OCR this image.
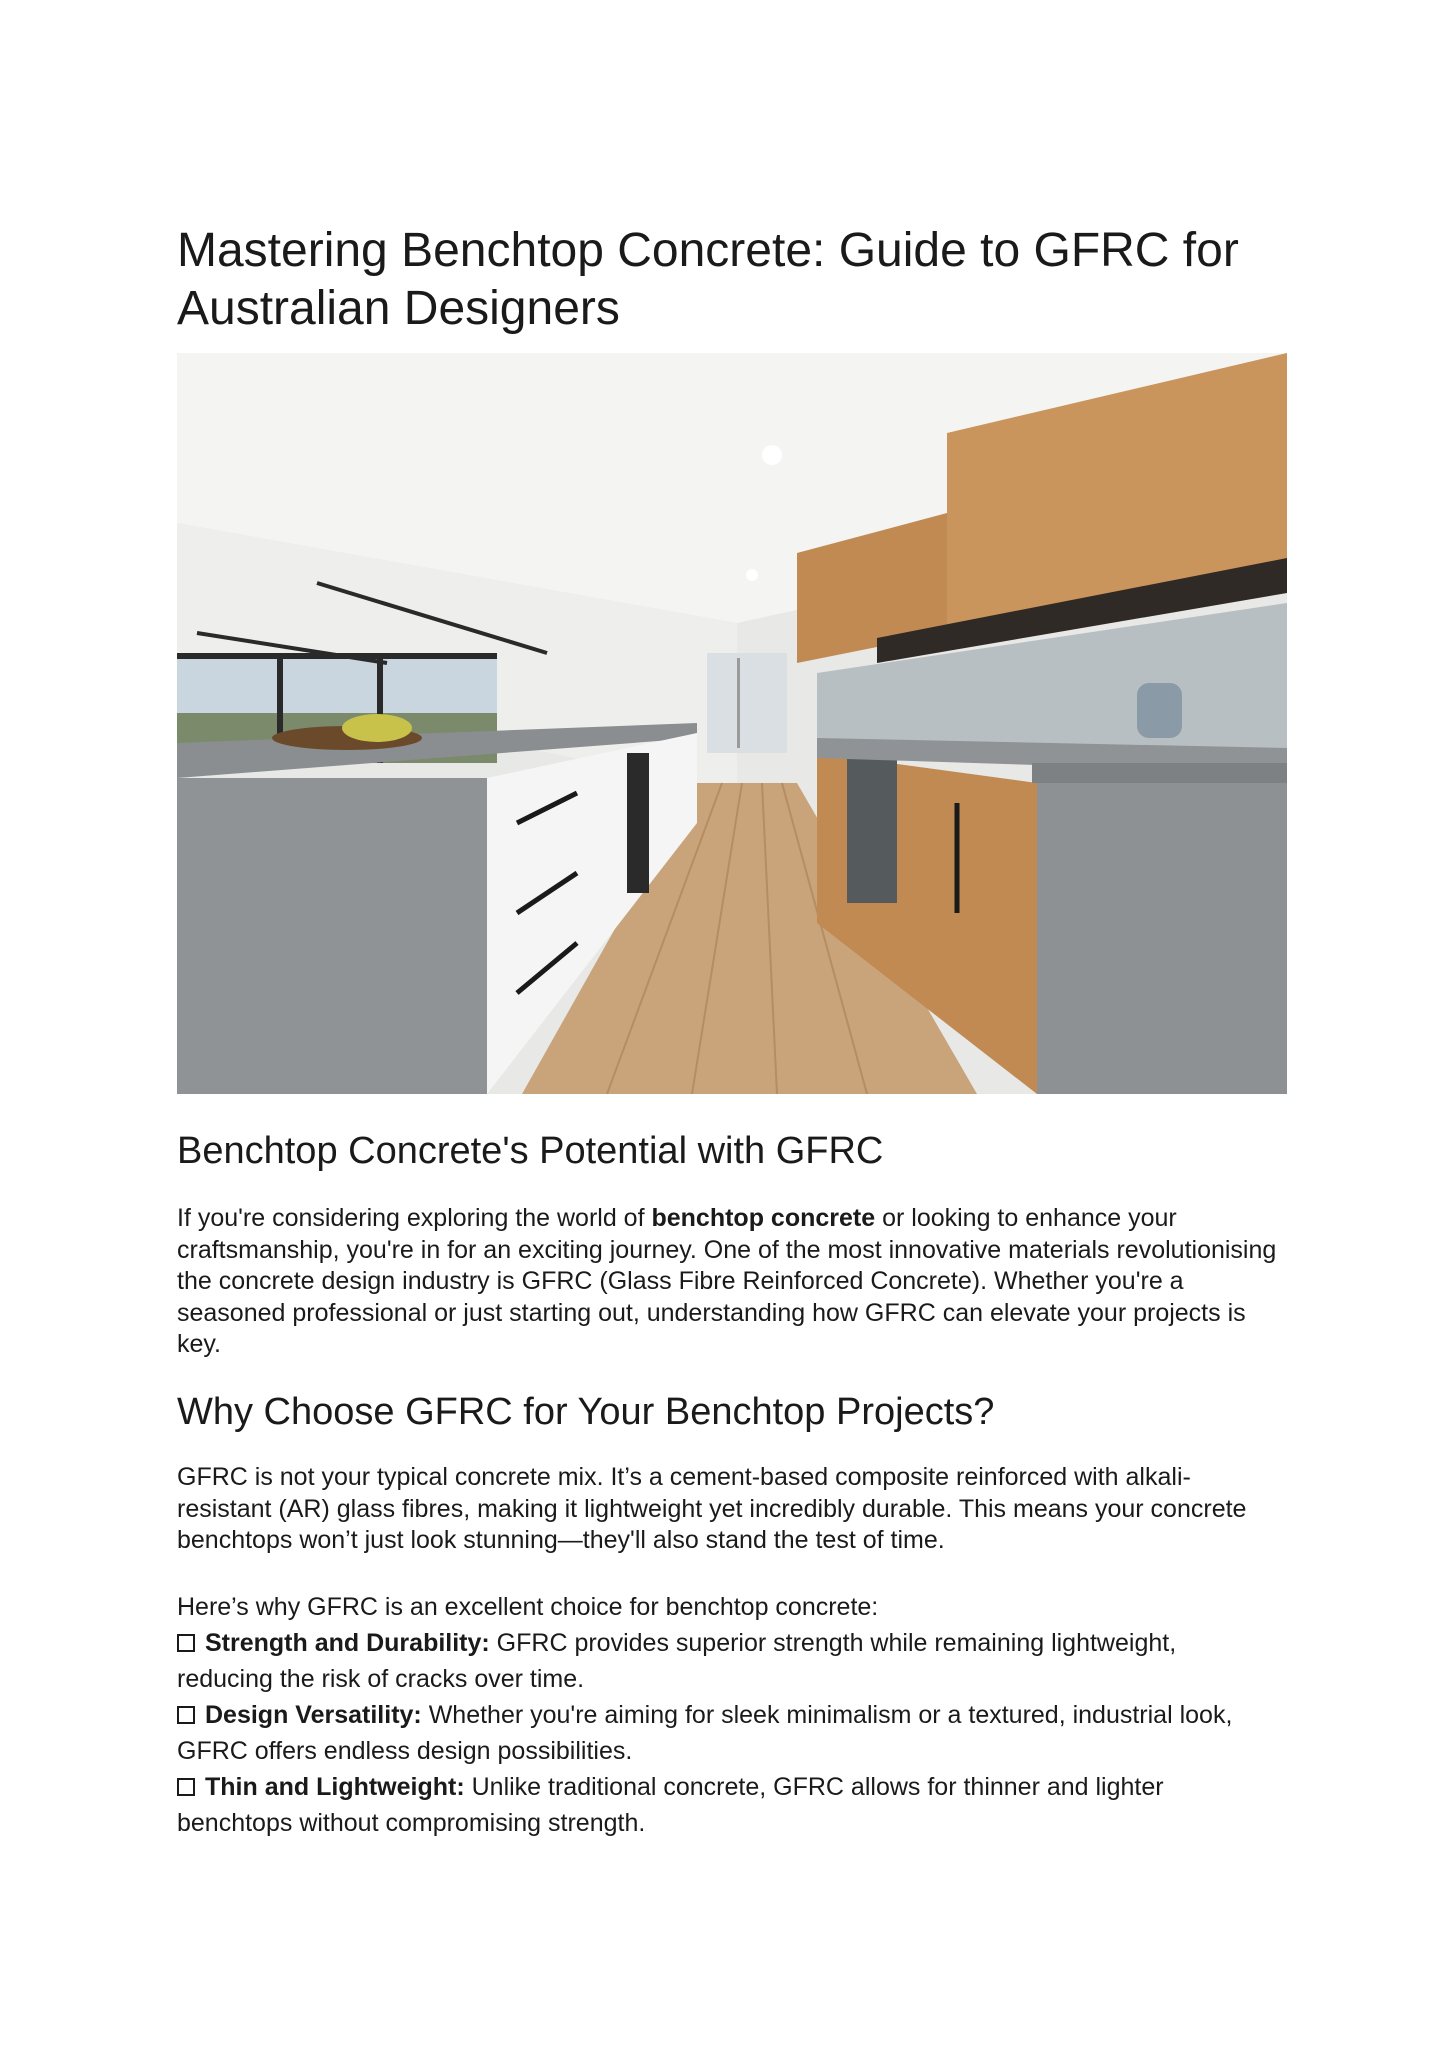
Mastering Benchtop Concrete: Guide to GFRC for Australian Designers
Benchtop Concrete's Potential with GFRC

If you're considering exploring the world of benchtop concrete or looking to enhance your craftsmanship, you're in for an exciting journey. One of the most innovative materials revolutionising the concrete design industry is GFRC (Glass Fibre Reinforced Concrete). Whether you're a seasoned professional or just starting out, understanding how GFRC can elevate your projects is key.

Why Choose GFRC for Your Benchtop Projects?

GFRC is not your typical concrete mix. It’s a cement-based composite reinforced with alkali-resistant (AR) glass fibres, making it lightweight yet incredibly durable. This means your concrete benchtops won’t just look stunning—they'll also stand the test of time.

Here’s why GFRC is an excellent choice for benchtop concrete:

Strength and Durability: GFRC provides superior strength while remaining lightweight, reducing the risk of cracks over time.
Design Versatility: Whether you're aiming for sleek minimalism or a textured, industrial look, GFRC offers endless design possibilities.
Thin and Lightweight: Unlike traditional concrete, GFRC allows for thinner and lighter benchtops without compromising strength.
